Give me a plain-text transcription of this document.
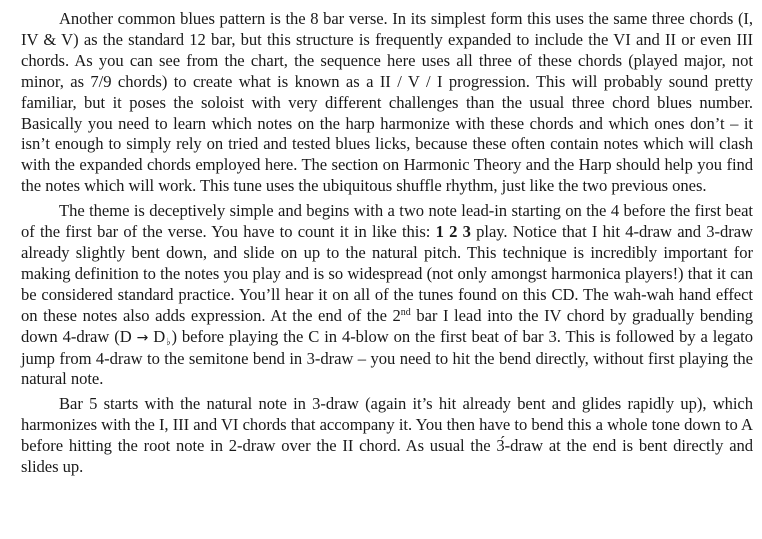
Another common blues pattern is the 8 bar verse. In its simplest form this uses the same three chords (I, IV & V) as the standard 12 bar, but this structure is frequently expanded to include the VI and II or even III chords. As you can see from the chart, the sequence here uses all three of these chords (played major, not minor, as 7/9 chords) to create what is known as a II / V / I progression. This will probably sound pretty familiar, but it poses the soloist with very different challenges than the usual three chord blues number. Basically you need to learn which notes on the harp harmonize with these chords and which ones don’t – it isn’t enough to simply rely on tried and tested blues licks, because these often contain notes which will clash with the expanded chords employed here. The section on Harmonic Theory and the Harp should help you find the notes which will work. This tune uses the ubiquitous shuffle rhythm, just like the two previous ones.

The theme is deceptively simple and begins with a two note lead-in starting on the 4 before the first beat of the first bar of the verse. You have to count it in like this: 1 2 3 play. Notice that I hit 4-draw and 3-draw already slightly bent down, and slide on up to the natural pitch. This technique is incredibly important for making definition to the notes you play and is so widespread (not only amongst harmonica players!) that it can be considered standard practice. You’ll hear it on all of the tunes found on this CD. The wah-wah hand effect on these notes also adds expression. At the end of the 2nd bar I lead into the IV chord by gradually bending down 4-draw $(D \to D_♭)$ before playing the C in 4-blow on the first beat of bar 3. This is followed by a legato jump from 4-draw to the semitone bend in 3-draw – you need to hit the bend directly, without first playing the natural note.

Bar 5 starts with the natural note in 3-draw (again it’s hit already bent and glides rapidly up), which harmonizes with the I, III and VI chords that accompany it. You then have to bend this a whole tone down to A before hitting the root note in 2-draw over the II chord. As usual the 3́-draw at the end is bent directly and slides up.
